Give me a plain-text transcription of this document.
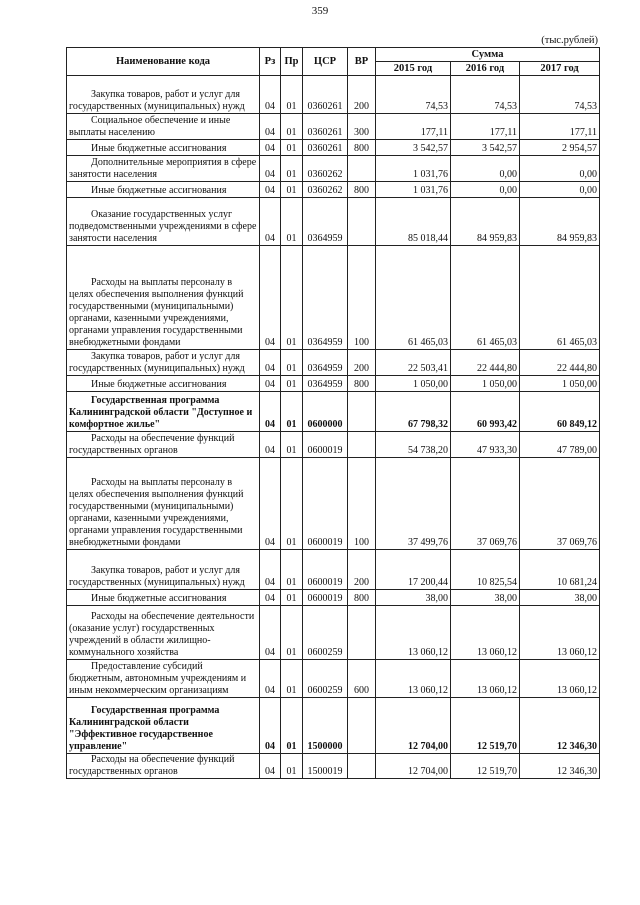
359
(тыс.рублей)
Наименование кода	Рз	Пр	ЦСР	ВР	Сумма		
					2015 год	2016 год	2017 год
Закупка товаров, работ и услуг для государственных (муниципальных) нужд	04	01	0360261	200	74,53	74,53	74,53
Социальное обеспечение и иные выплаты населению	04	01	0360261	300	177,11	177,11	177,11
Иные бюджетные ассигнования	04	01	0360261	800	3 542,57	3 542,57	2 954,57
Дополнительные мероприятия в сфере занятости населения	04	01	0360262		1 031,76	0,00	0,00
Иные бюджетные ассигнования	04	01	0360262	800	1 031,76	0,00	0,00
Оказание государственных услуг подведомственными учреждениями в сфере занятости населения	04	01	0364959		85 018,44	84 959,83	84 959,83
Расходы на выплаты персоналу в целях обеспечения выполнения функций государственными (муниципальными) органами, казенными учреждениями, органами управления государственными внебюджетными фондами	04	01	0364959	100	61 465,03	61 465,03	61 465,03
Закупка товаров, работ и услуг для государственных (муниципальных) нужд	04	01	0364959	200	22 503,41	22 444,80	22 444,80
Иные бюджетные ассигнования	04	01	0364959	800	1 050,00	1 050,00	1 050,00
Государственная программа Калининградской области "Доступное и комфортное жилье"	04	01	0600000		67 798,32	60 993,42	60 849,12
Расходы на обеспечение функций государственных органов	04	01	0600019		54 738,20	47 933,30	47 789,00
Расходы на выплаты персоналу в целях обеспечения выполнения функций государственными (муниципальными) органами, казенными учреждениями, органами управления государственными внебюджетными фондами	04	01	0600019	100	37 499,76	37 069,76	37 069,76
Закупка товаров, работ и услуг для государственных (муниципальных) нужд	04	01	0600019	200	17 200,44	10 825,54	10 681,24
Иные бюджетные ассигнования	04	01	0600019	800	38,00	38,00	38,00
Расходы на обеспечение деятельности (оказание услуг) государственных учреждений в области жилищно-коммунального хозяйства	04	01	0600259		13 060,12	13 060,12	13 060,12
Предоставление субсидий бюджетным, автономным учреждениям и иным некоммерческим организациям	04	01	0600259	600	13 060,12	13 060,12	13 060,12
Государственная программа Калининградской области "Эффективное государственное управление"	04	01	1500000		12 704,00	12 519,70	12 346,30
Расходы на обеспечение функций государственных органов	04	01	1500019		12 704,00	12 519,70	12 346,30
